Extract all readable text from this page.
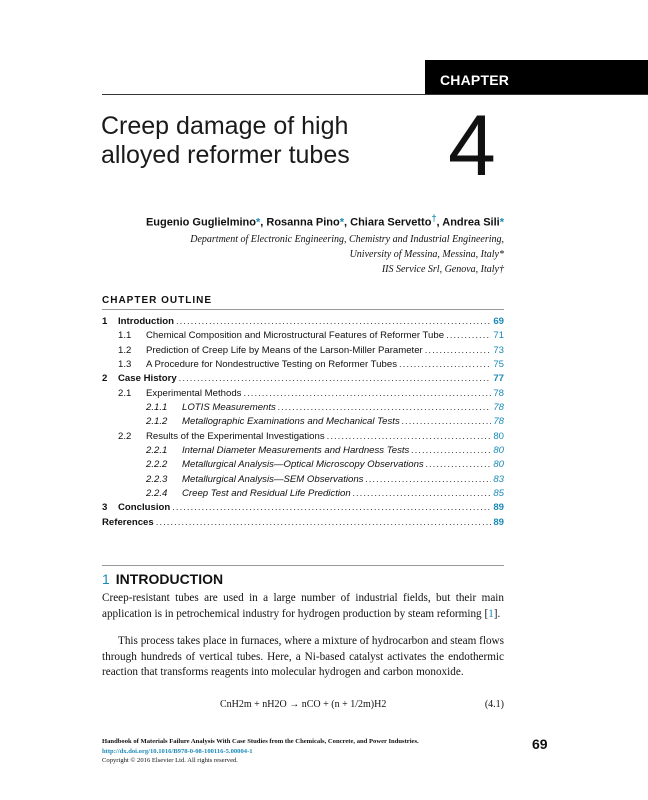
CHAPTER
Creep damage of high
alloyed reformer tubes	4
Eugenio Guglielmino*, Rosanna Pino*, Chiara Servetto†, Andrea Sili*
Department of Electronic Engineering, Chemistry and Industrial Engineering,
University of Messina, Messina, Italy*
IIS Service Srl, Genova, Italy†
CHAPTER OUTLINE
1	Introduction .....	69
1.1	Chemical Composition and Microstructural Features of Reformer Tube .....	71
1.2	Prediction of Creep Life by Means of the Larson-Miller Parameter .....	73
1.3	A Procedure for Nondestructive Testing on Reformer Tubes .....	75
2	Case History .....	77
2.1	Experimental Methods .....	78
2.1.1	LOTIS Measurements .....	78
2.1.2	Metallographic Examinations and Mechanical Tests .....	78
2.2	Results of the Experimental Investigations .....	80
2.2.1	Internal Diameter Measurements and Hardness Tests .....	80
2.2.2	Metallurgical Analysis—Optical Microscopy Observations .....	80
2.2.3	Metallurgical Analysis—SEM Observations .....	83
2.2.4	Creep Test and Residual Life Prediction .....	85
3	Conclusion .....	89
References .....	89
1 INTRODUCTION
Creep-resistant tubes are used in a large number of industrial fields, but their main application is in petrochemical industry for hydrogen production by steam reforming [1].
This process takes place in furnaces, where a mixture of hydrocarbon and steam flows through hundreds of vertical tubes. Here, a Ni-based catalyst activates the endothermic reaction that transforms reagents into molecular hydrogen and carbon monoxide.
CnH2m + nH2O → nCO + (n + 1/2m)H2	(4.1)
Handbook of Materials Failure Analysis With Case Studies from the Chemicals, Concrete, and Power Industries.
http://dx.doi.org/10.1016/B978-0-08-100116-5.00004-1
Copyright © 2016 Elsevier Ltd. All rights reserved.
69
